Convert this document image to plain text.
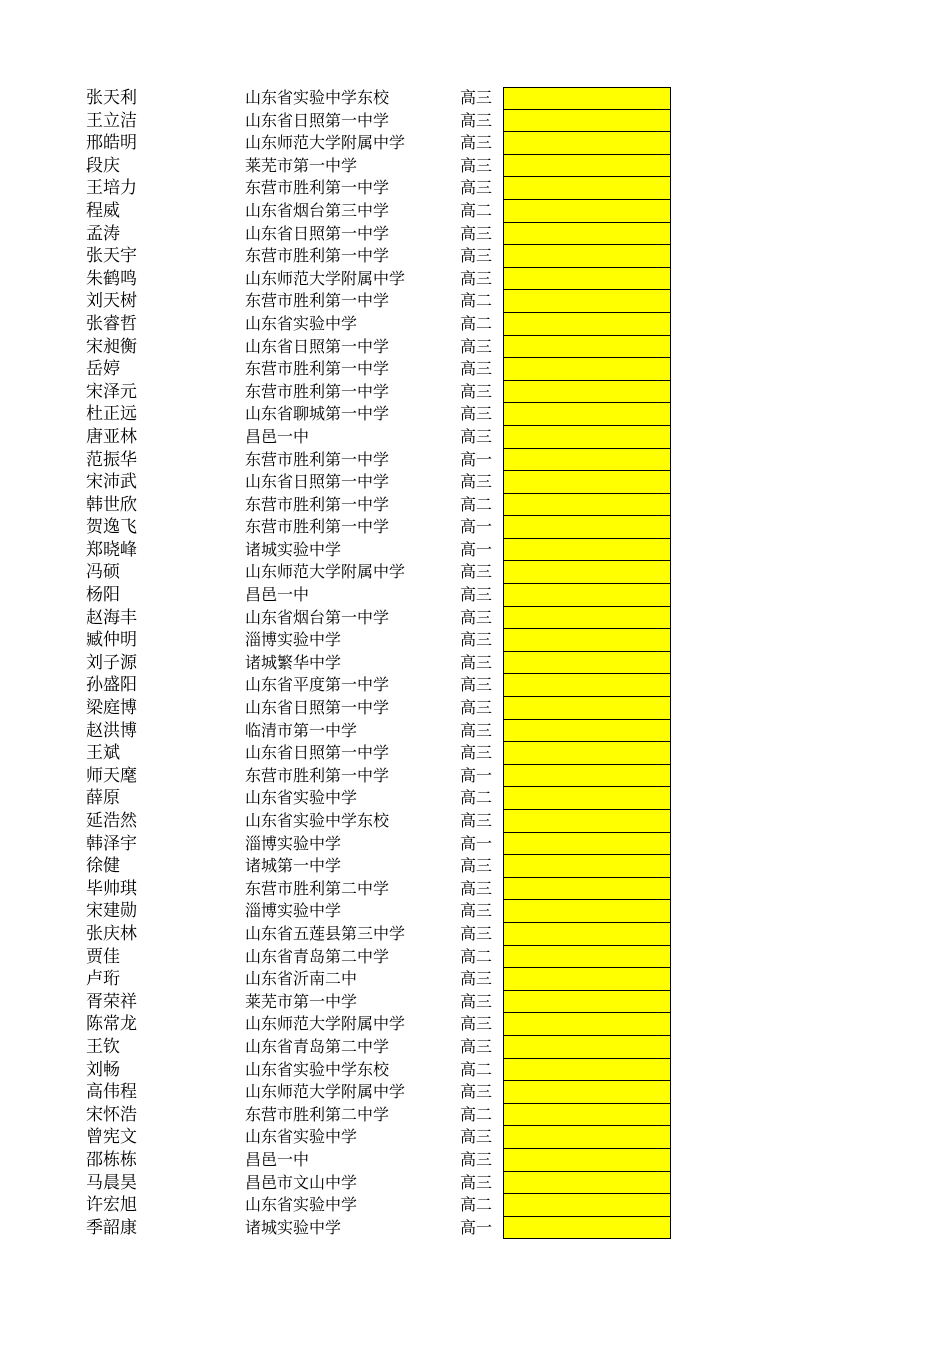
张天利	山东省实验中学东校	高三
王立洁	山东省日照第一中学	高三
邢皓明	山东师范大学附属中学	高三
段庆	莱芜市第一中学	高三
王培力	东营市胜利第一中学	高三
程威	山东省烟台第三中学	高二
孟涛	山东省日照第一中学	高三
张天宇	东营市胜利第一中学	高三
朱鹤鸣	山东师范大学附属中学	高三
刘天树	东营市胜利第一中学	高二
张睿哲	山东省实验中学	高二
宋昶衡	山东省日照第一中学	高三
岳婷	东营市胜利第一中学	高三
宋泽元	东营市胜利第一中学	高三
杜正远	山东省聊城第一中学	高三
唐亚林	昌邑一中	高三
范振华	东营市胜利第一中学	高一
宋沛武	山东省日照第一中学	高三
韩世欣	东营市胜利第一中学	高二
贺逸飞	东营市胜利第一中学	高一
郑晓峰	诸城实验中学	高一
冯硕	山东师范大学附属中学	高三
杨阳	昌邑一中	高三
赵海丰	山东省烟台第一中学	高三
臧仲明	淄博实验中学	高三
刘子源	诸城繁华中学	高三
孙盛阳	山东省平度第一中学	高三
梁庭博	山东省日照第一中学	高三
赵洪博	临清市第一中学	高三
王斌	山东省日照第一中学	高三
师天麾	东营市胜利第一中学	高一
薛原	山东省实验中学	高二
延浩然	山东省实验中学东校	高三
韩泽宇	淄博实验中学	高一
徐健	诸城第一中学	高三
毕帅琪	东营市胜利第二中学	高三
宋建勋	淄博实验中学	高三
张庆林	山东省五莲县第三中学	高三
贾佳	山东省青岛第二中学	高二
卢珩	山东省沂南二中	高三
胥荣祥	莱芜市第一中学	高三
陈常龙	山东师范大学附属中学	高三
王钦	山东省青岛第二中学	高三
刘畅	山东省实验中学东校	高二
高伟程	山东师范大学附属中学	高三
宋怀浩	东营市胜利第二中学	高二
曾宪文	山东省实验中学	高三
邵栋栋	昌邑一中	高三
马晨昊	昌邑市文山中学	高三
许宏旭	山东省实验中学	高二
季韶康	诸城实验中学	高一
